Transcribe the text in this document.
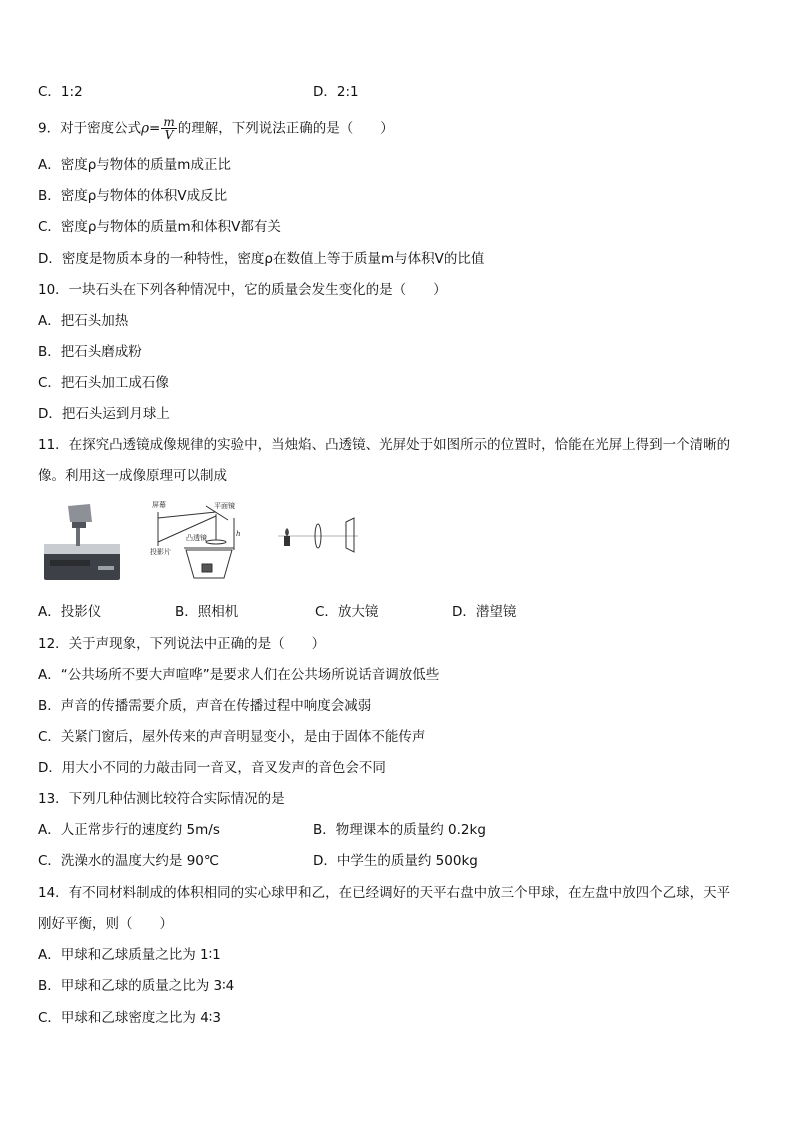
C．1:2	D．2:1
9．对于密度公式$\rho= \frac{m}{V}$ 的理解，下列说法正确的是（　　）
A．密度ρ与物体的质量m成正比
B．密度ρ与物体的体积V成反比
C．密度ρ与物体的质量m和体积V都有关
D．密度是物质本身的一种特性，密度ρ在数值上等于质量m与体积V的比值
10．一块石头在下列各种情况中，它的质量会发生变化的是（　　）
A．把石头加热
B．把石头磨成粉
C．把石头加工成石像
D．把石头运到月球上
11．在探究凸透镜成像规律的实验中，当烛焰、凸透镜、光屏处于如图所示的位置时，恰能在光屏上得到一个清晰的
像。利用这一成像原理可以制成
屏幕	平面镜
凸透镜
投影片
h
A．投影仪	B．照相机	C．放大镜	D．潜望镜
12．关于声现象，下列说法中正确的是（　　）
A．“公共场所不要大声喧哗”是要求人们在公共场所说话音调放低些
B．声音的传播需要介质，声音在传播过程中响度会减弱
C．关紧门窗后，屋外传来的声音明显变小，是由于固体不能传声
D．用大小不同的力敲击同一音叉，音叉发声的音色会不同
13．下列几种估测比较符合实际情况的是
A．人正常步行的速度约 5m/s	B．物理课本的质量约 0.2kg
C．洗澡水的温度大约是 90℃	D．中学生的质量约 500kg
14．有不同材料制成的体积相同的实心球甲和乙，在已经调好的天平右盘中放三个甲球，在左盘中放四个乙球，天平
刚好平衡，则（　　）
A．甲球和乙球质量之比为 1∶1
B．甲球和乙球的质量之比为 3∶4
C．甲球和乙球密度之比为 4∶3
